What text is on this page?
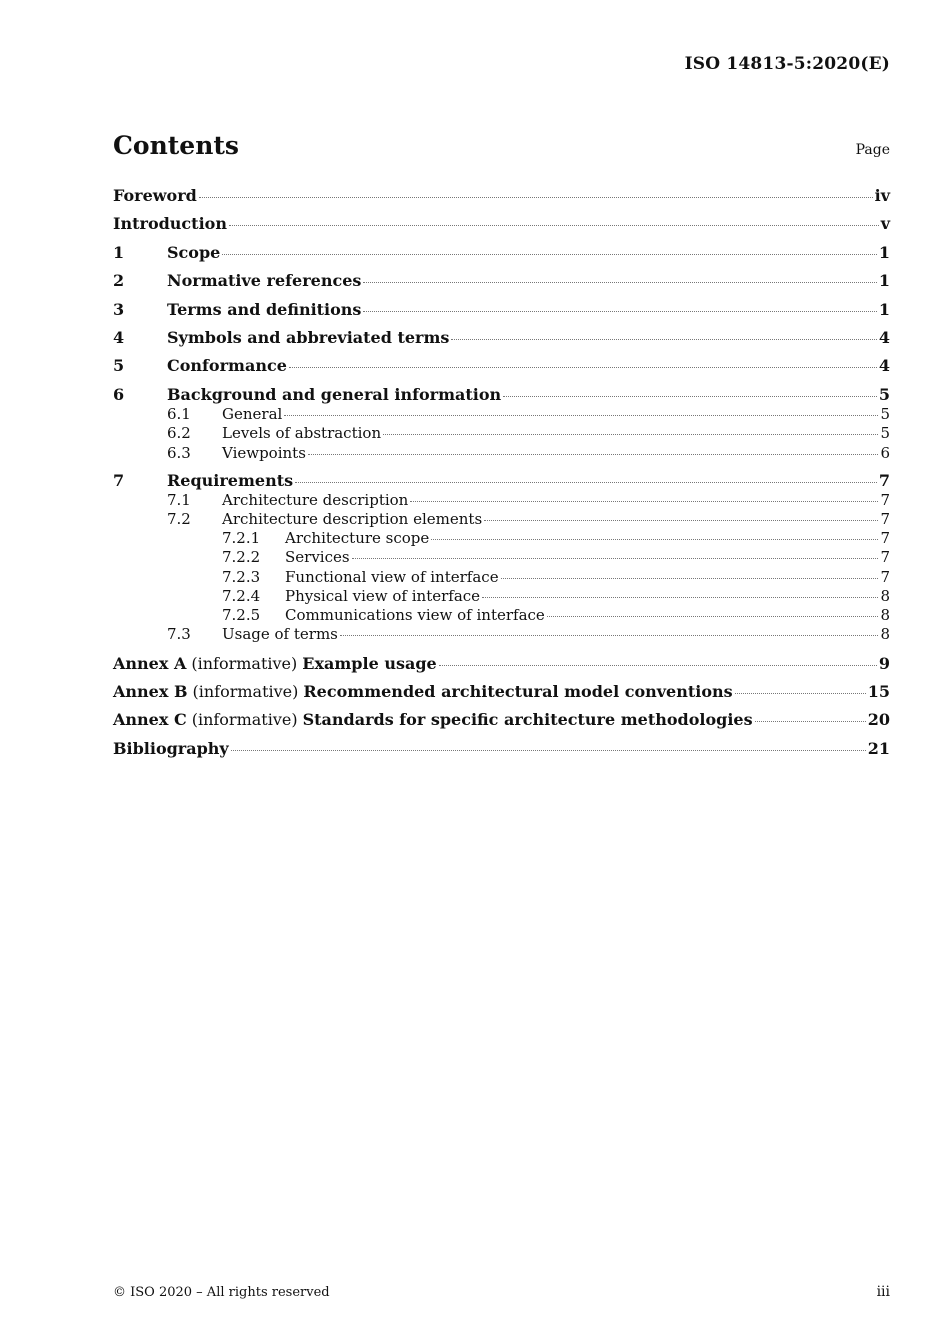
ISO 14813-5:2020(E)
Contents	Page
Foreword	iv
Introduction	v
1	Scope	1
2	Normative references	1
3	Terms and definitions	1
4	Symbols and abbreviated terms	4
5	Conformance	4
6	Background and general information	5
6.1	General	5
6.2	Levels of abstraction	5
6.3	Viewpoints	6
7	Requirements	7
7.1	Architecture description	7
7.2	Architecture description elements	7
7.2.1	Architecture scope	7
7.2.2	Services	7
7.2.3	Functional view of interface	7
7.2.4	Physical view of interface	8
7.2.5	Communications view of interface	8
7.3	Usage of terms	8
Annex A (informative) Example usage	9
Annex B (informative) Recommended architectural model conventions	15
Annex C (informative) Standards for specific architecture methodologies	20
Bibliography	21
© ISO 2020 – All rights reserved	iii
